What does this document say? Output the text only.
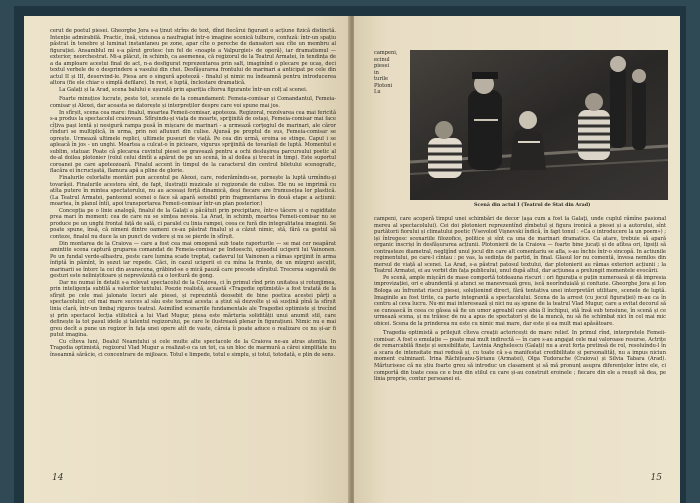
cerut de poetul piesei. Gheorghe Jora s-a ținut strîns de text, dînd fiecărui figurant o acțiune fizică distinctă. Intenție admirabilă. Practic, însă, viziunea a naufragiat într-o imagine scenică tulbure, confuză: într-un spațiu păstrat în tenebre și luminat instantaneu pe zone, apar cîte o pereche de dansatori sau cîte un membru al figurației. Ansamblul mi s-a părut grotesc (un fel de «noapte a Valpurgiei» de operă), iar dramatismul — exterior, neorchestrat. Mi-a plăcut, în schimb, ca asemenea, că regizorul de la Teatrul Armatei, în tendința de a da amploare acestui final de act, n-a desfigurat reprezentarea prin salt, imaginînd o plecare pe ucaș, deci textul verbele de o desprindere a vasului din chei. Desfășurarea frontului de marinari a anticipat pe cele din actul II și III, deservind-le. Piesa are o singură apoteoză - finalul și nimic nu îndeamnă pentru introducerea altora (fie ele chiar o simplă defilare). In rest, e luptă, înclestare dramatică.

La Galați și la Arad, scena balului e ușurată prin apariția cîtorva figurante într-un colț al scenei.

Foarte minuțios lucrate, peste tot, scenele de la comandament: Femeia-comisar și Comandantul, Femeia-comisar și Alexei, dar aceasta se datorește și interpreților despre care voi spune mai jos.

In sfîrșit, scena cea mare: finalul, moartea Femeii-comisar, apoteoza. Regizoral, rezolvarea cea mai fericită s-a produs la spectacolul craiovean. Sfîrșindu-și viața de moarte, sprijinită de ostași, Femeia-comisar mai face cîțiva pași lentă și nesigură rampa pusă în mișcare de marinari - a urmează corțegiul de marinari, ale căror rînduri se multiplică, în urma, prin noi afluxuri din culise. Ajunsă pe proptul de sus, Femeia-comisar se oprește. Urmează ultimele replici, ultimele puseuri de viață. Pe cea din urmă, eroina se stinge. Capul i se apleacă în jos - un unghi. Moartea a culcat-o în picioare, vigurus sprijinită de tovarășii de luptă. Momentul e sublim, statuar. Poate că plecarea cuvintul piesei se gravează pentru a ochi deslușirea parcursului poetic al de-al doilea plotonier (rolul celui dintîi a apărut de pe un scenă, în al doilea și trecut în timp). Este suportul coroanei pe care apoteozoară. Finalul accent în timpul de la caracterul din centrul biletului scenografic, flacăra ei încrucișată, flamura apă a pline de glorie.

Finalurile celorlalte montări pun accentul pe Alexei, care, rederămîndu-se, pornește la luptă urmîndu-și tovarășii. Finalurile acestora sînt, de fapt, ilustrații muzicale și regizorale de culise. Ele nu se imprimă cu atîta putere în mintea spectatorului, nu au aceeași forță dinamică, deși fiecare are frumusețea lor plastică. (La Teatrul Armatei, panteonul scenei o face să apară sensibil prin fragmentarea în două etape a acțiunii: moartea, în planul întîi, apoi transportarea Femeii-comisar într-un plan posterior.)

Concepția pe o linie analogă, finalul de la Galați a păcătuit prin precipitare, într-o tăcere și o rapiditate prea mari în moment: cea de care nu se simțea nevoia. La Arad, în schimb, moartea Femeii-comisar nu se produce pe un unghi frontal față de sală, ci paralel cu linia rampei, ceea ce fură din integralitatea imaginii. Se poate spune, însă, că nimeni dintre oameni ce-au păstrat finalul și a căzut nimic, stă, fără ca gestul să conteze, finalul nu duce la un punct de vedere și nu se pierde în sfîrșit.

Din montarea de la Craiova — care a fost cea mai omogenă sub toate raporturile — se mai cer neapărat amintite scena captură gruparea comandat de Femeia-comisar pe Indoeschi, episodul ucigerii lui Vainonen. Pe un fundal verde-albastru, peste care lumina scade treptat, cadavrul lui Vainonen a rămas sprijinit în arma înfiptă în pămînt, în șezut iar repede. Căci, în cazul ucigerii ei cu mîna la frunte, de un mîzgrui ascuțit, marinarii se întorc la cei din avanscena, grăbind-se o mică pauză care precede sfîrșitul. Trecerea sugerată de gesturi este neliniștitoare și neprevăzută ca o lovitură de gong.

Dar nu numai în detalii s-a relevat spectacolul de la Craiova, ci în primul rînd prin unitatea și rotunjimea, prin inteligența subtilă a valorilor textului. Poezie realistă, această «Tragedie optimistă» a fost tratată de la sfîrșit pe cele mai jalonate locuri ale piesei, și reprezintă deosebit de bine poetica acestei părți a spectacolului; cel mai mare succes al său este tocmai acesta: a știut să dezvolte și să susțină pînă la sfîrșit linia clară, într-un limbaj riguros teatral. Asimilînd scenariile fundamentale ale Tragediei optimiste și trecînd și prin spectacol lecția stilistică a lui Vlad Mugur, piesa este mărturia solidității unui anumit stil, care definește la tot pasul ideile și talentul regizorului, pe care le ilustrează plenar în figurațiuni. Nimic nu e mai greu decît a pune un regizor în fața unei opere atît de vaste, căreia îi poate aduce o realizare ce nu și-ar fi putut imagina.

Cu cîteva luni, Dealul Neamțului și cele multe alte spectacole de la Craiova ne-au atras atenția. In Tragedia optimistă, regizorul Vlad Mugur a realizat-o ca un tot, ca un bloc de marmură a cărei simplitate nu înseamnă sărăcie, ci concentrare de mijloace. Totul e limpede, totul e simplu, și totul, totodată, e plin de sens.

14
campeni,
ecinul
piesei
in
turile
Plotoni
Lu
Scenă din actul I (Teatrul de Stat din Arad)

campeni, care acoperă timpul unei schimbări de decor (aşa cum a fost la Galaţi, unde cuplul rămîne pasional mereu al spectacolului). Cei doi plotonieri reprezentînd zîmbetul și figura ironică a piesei și a autorului, sînt purtătorii fiorului și climatului poetic (Vsevolod Vișnevski îndică, în fapt tonul : «Ca o introducere la un poem») ; iși întregesc scenariile filozofice, politice și sînt ca una de marinari dramatice. Ca atare, trebuie să apară organic înscriși în desfășurarea acțiunii. Plotonierii de la Craiova — foarte bine jucați și de atîtea ori, lipsiți să contrasteze diametral, neglijînd unul jocul din care alt comentariu se afla, s-au închis într-o sincopă. In actiunile regimentului, pe care-l cîntau : pe vas, la sedința de partid, în final. Glasul lor nu comentă, învesa nemilos din mersul de viață al scenei. La Arad, s-a păstrat patosul textului, dar plotonierii au rămas exteriori acțiunii ; la Teatrul Armatei, ei au vorbit din fața publicului, unul după altul, dar acțiunea a prelungit momentele evocării.

Pe scenă, ample mișcări de mase comportă totdeauna riscuri : ori figurația e puțin numeroasă și dă impresia improvizației, ori e abundentă și atunci se manevrează greu, iscă neorînduială și confuzie. Gheorghe Jora și Ion Bologa au înfruntat riscul piesei, soluționind direct, fără tentativa unei interpretări utilitare, scenele de luptă. Imaginile au fost tirite, ca parte integrantă a spectacolului. Scena de la arrest (cu jocul figurației) m-au ca în centru al ceva lucru. Nu-mi mai interesează și nici nu aș spune de la teatrul Vlad Mugur, care a evitat decorul să se cunoască în ceea ce găsea să fie un umor agreabil care abia îl închipui, stă însă sub tensiune, în scenă și ce urmează scena, și nu trăiesc de nu a apus de spectatori și de la muncă, nu să fie schimbat nici în cel mai mic obicei. Scena de la prinderea nu este cu nimic mai mare, dar este și ea mult mai apăsătoare.

Tragedia optimistă a prilejuit cîteva creații actoricești de mare relief. In primul rînd, interpretele Femeii-comisar. A fost o emulație — poate mai mult indirectă — în care s-au angajat cele mai valoroase resurse. Actrițe de remarcabilă finețe și sensibilitate, Lavinia Anghelescu (Galați) nu a avut forța pretinsă de rol, resoluîndu-l în a scara de intensitate mai redusă și, cu toate că s-a manifestat credibilitate și personalităț, nu a impus niciun moment culminant. Irina Răchițeanu-Șirianu (Armatei), Olga Tudorache (Craiova) și Silvia Tabara (Arad). Mărturisesc că nu știu foarte greu să introduc un clasament și să mă pronunț asupra diferențelor între ele, ci comportă din toate ceea ce e bun din stilul cu care și-au construit eroinele ; fiecare din ele a reușit să dea, pe linia proprie, contur persoanei ei.

15
